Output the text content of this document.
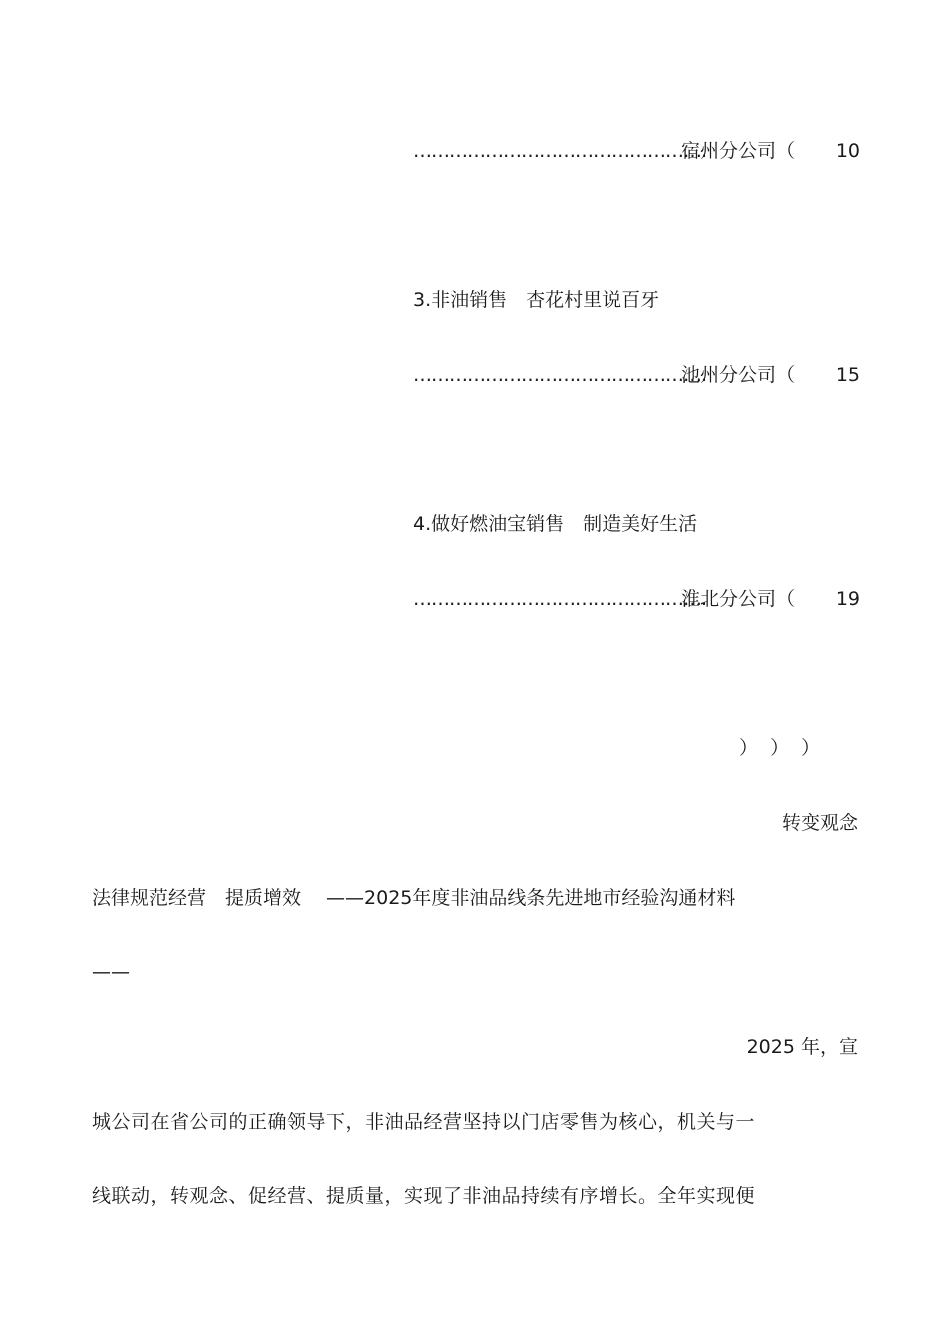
………………………………………….
宿州分公司（ 10
3.非油销售　杏花村里说百牙
………………………………………….
池州分公司（ 15
4.做好燃油宝销售　制造美好生活
………………………………………….
淮北分公司（ 19
）  ）  ）
转变观念
法律规范经营　提质增效　 ——2025年度非油品线条先进地市经验沟通材料
——
2025 年，宣
城公司在省公司的正确领导下，非油品经营坚持以门店零售为核心，机关与一
线联动，转观念、促经营、提质量，实现了非油品持续有序增长。全年实现便
